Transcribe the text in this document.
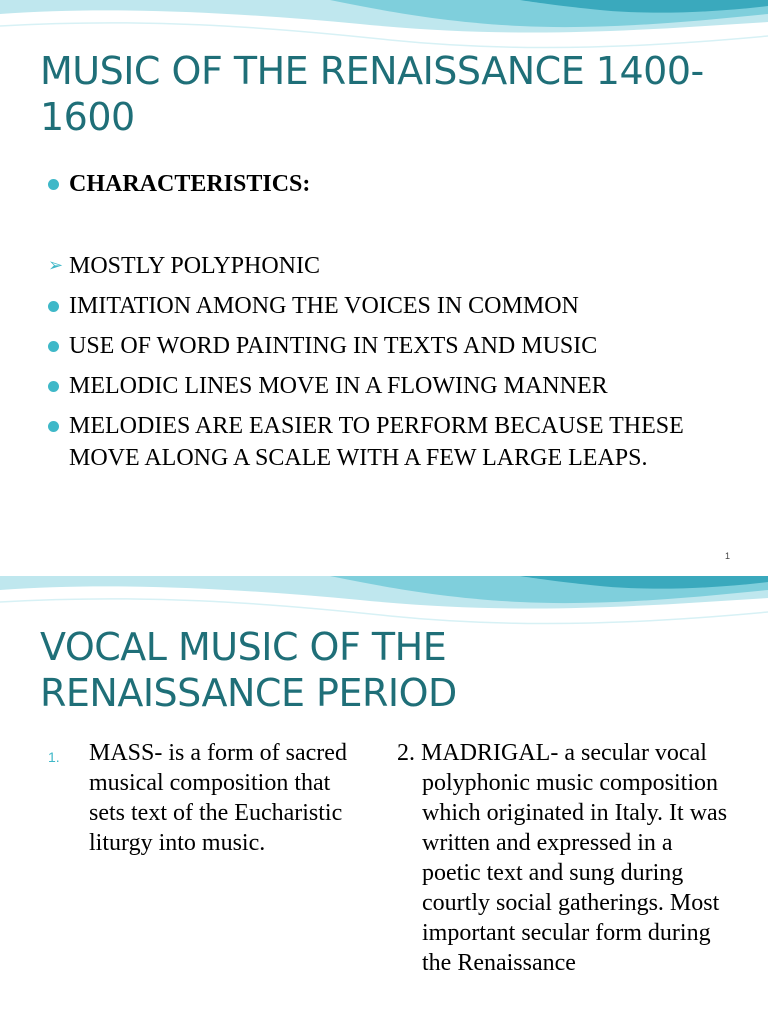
MUSIC OF THE RENAISSANCE 1400-1600
CHARACTERISTICS:
➢ MOSTLY POLYPHONIC
IMITATION AMONG THE VOICES IN COMMON
USE OF WORD PAINTING IN TEXTS AND MUSIC
MELODIC LINES MOVE IN A FLOWING MANNER
MELODIES ARE EASIER TO PERFORM BECAUSE THESE MOVE ALONG A SCALE WITH A FEW LARGE LEAPS.
1
VOCAL MUSIC OF THE RENAISSANCE PERIOD
1. MASS- is a form of sacred musical composition that sets text of the Eucharistic liturgy into music.
2. MADRIGAL- a secular vocal polyphonic music composition which originated in Italy. It was written and expressed in a poetic text and sung during courtly social gatherings. Most important secular form during the Renaissance
